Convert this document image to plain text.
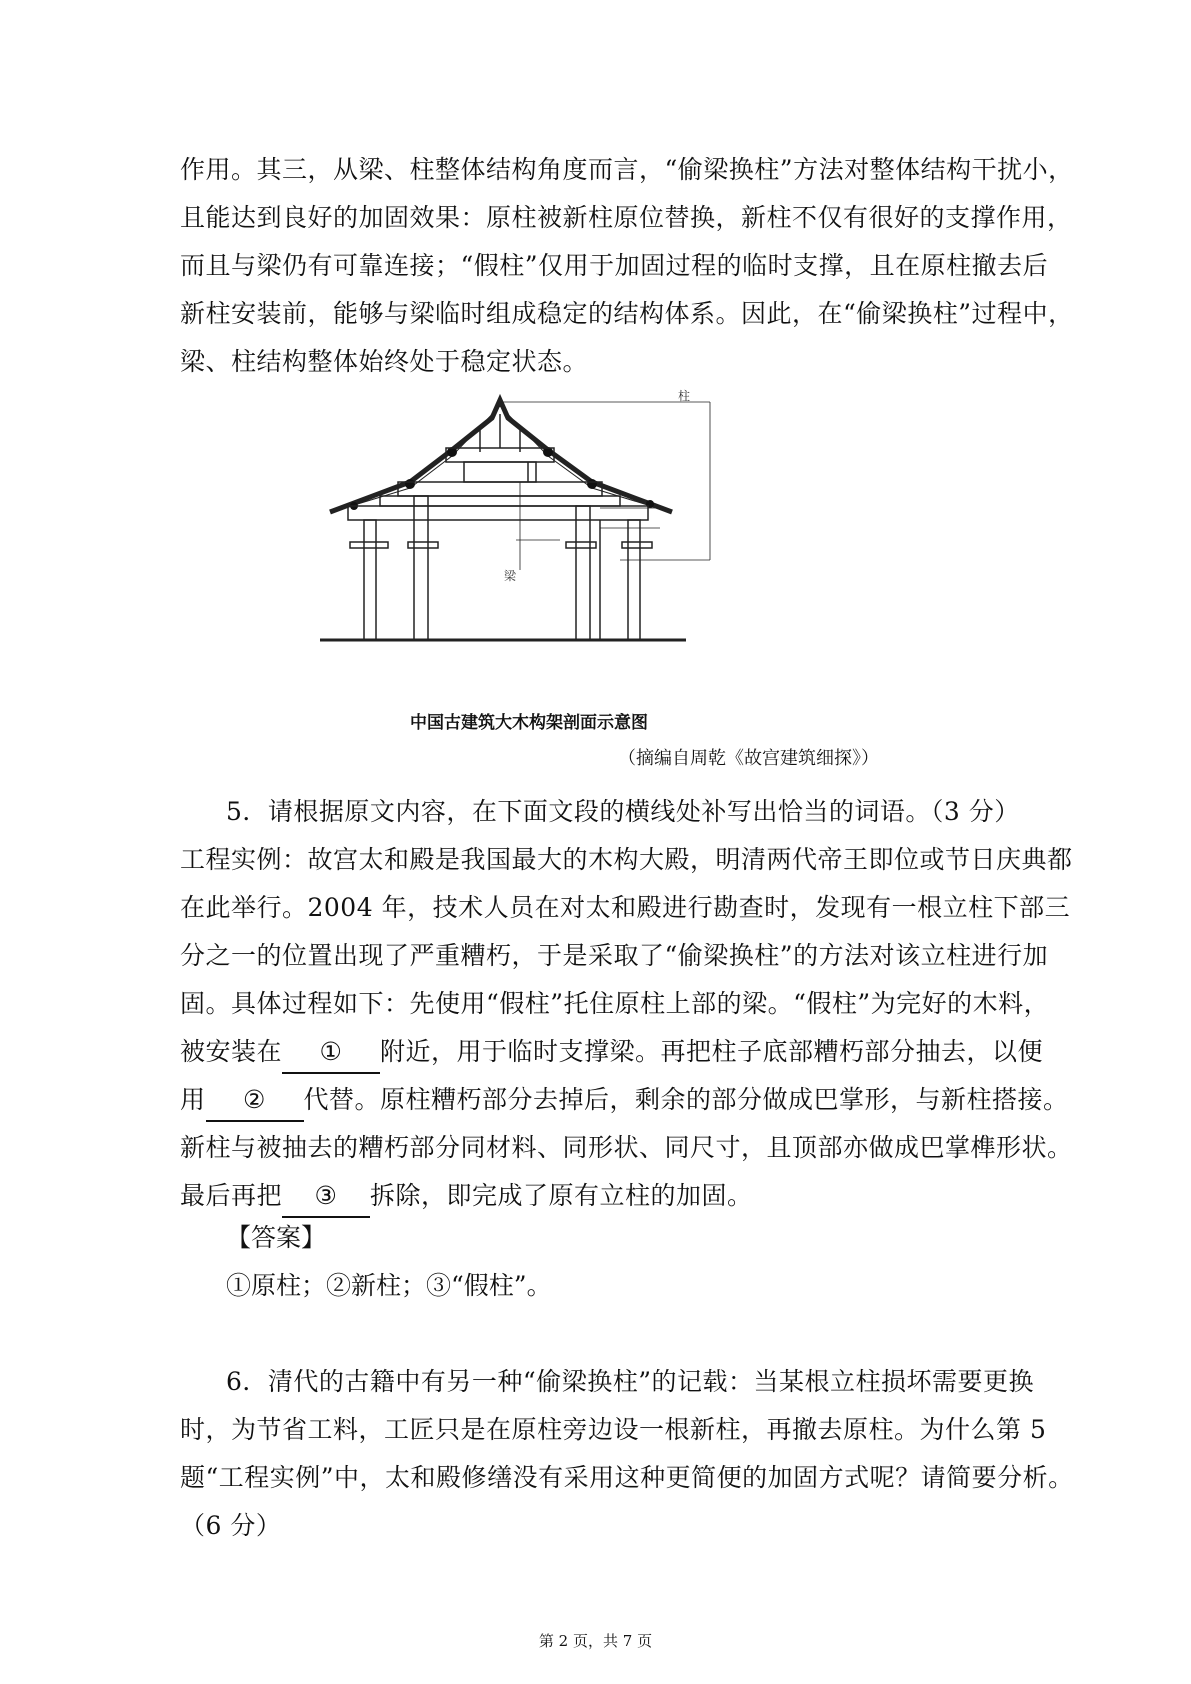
作用。其三，从梁、柱整体结构角度而言，“偷梁换柱”方法对整体结构干扰小，
且能达到良好的加固效果：原柱被新柱原位替换，新柱不仅有很好的支撑作用，
而且与梁仍有可靠连接；“假柱”仅用于加固过程的临时支撑，且在原柱撤去后
新柱安装前，能够与梁临时组成稳定的结构体系。因此，在“偷梁换柱”过程中，
梁、柱结构整体始终处于稳定状态。
柱
梁
中国古建筑大木构架剖面示意图
（摘编自周乾《故宫建筑细探》）
5．请根据原文内容，在下面文段的横线处补写出恰当的词语。（3 分）
工程实例：故宫太和殿是我国最大的木构大殿，明清两代帝王即位或节日庆典都
在此举行。2004 年，技术人员在对太和殿进行勘查时，发现有一根立柱下部三
分之一的位置出现了严重糟朽，于是采取了“偷梁换柱”的方法对该立柱进行加
固。具体过程如下：先使用“假柱”托住原柱上部的梁。“假柱”为完好的木料，
被安装在 ① 附近，用于临时支撑梁。再把柱子底部糟朽部分抽去，以便
用 ② 代替。原柱糟朽部分去掉后，剩余的部分做成巴掌形，与新柱搭接。
新柱与被抽去的糟朽部分同材料、同形状、同尺寸，且顶部亦做成巴掌榫形状。
最后再把 ③ 拆除，即完成了原有立柱的加固。
【答案】
①原柱；②新柱；③“假柱”。
6．清代的古籍中有另一种“偷梁换柱”的记载：当某根立柱损坏需要更换
时，为节省工料，工匠只是在原柱旁边设一根新柱，再撤去原柱。为什么第 5
题“工程实例”中，太和殿修缮没有采用这种更简便的加固方式呢？请简要分析。
（6 分）
第 2 页，共 7 页
